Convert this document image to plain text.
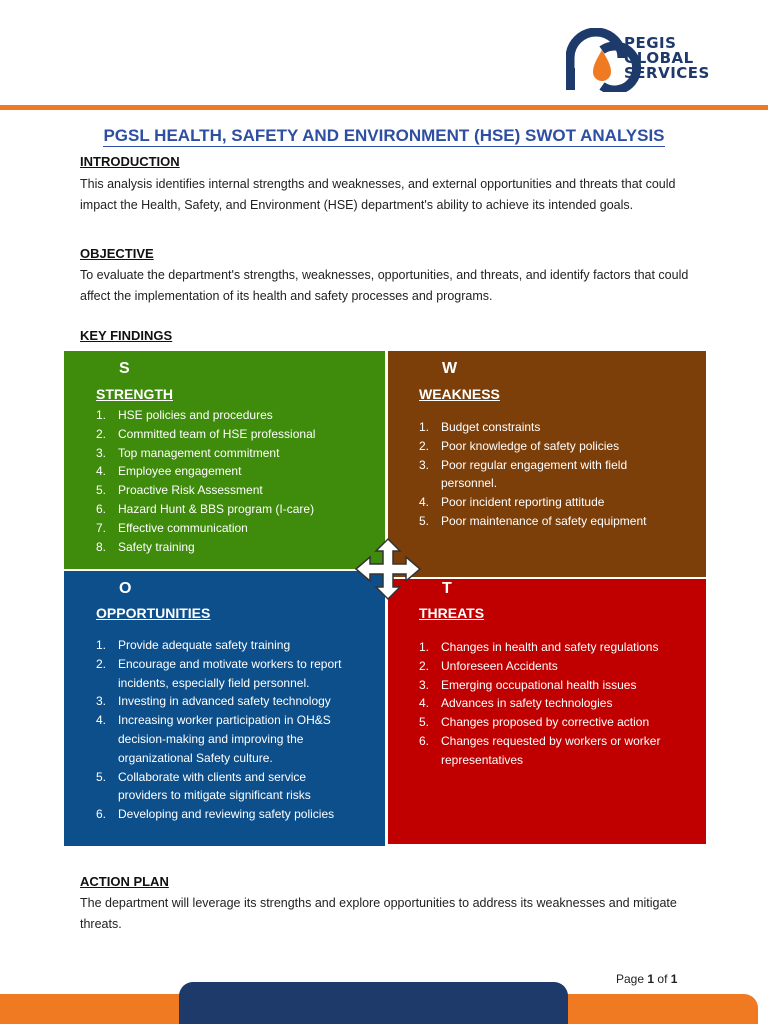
PEGIS
GLOBAL
SERVICES
PGSL HEALTH, SAFETY AND ENVIRONMENT (HSE) SWOT ANALYSIS
INTRODUCTION
This analysis identifies internal strengths and weaknesses, and external opportunities and threats that could impact the Health, Safety, and Environment (HSE) department's ability to achieve its intended goals.
OBJECTIVE
To evaluate the department's strengths, weaknesses, opportunities, and threats, and identify factors that could affect the implementation of its health and safety processes and programs.
KEY FINDINGS
S
STRENGTH
1. HSE policies and procedures
2. Committed team of HSE professional
3. Top management commitment
4. Employee engagement
5. Proactive Risk Assessment
6. Hazard Hunt & BBS program (I-care)
7. Effective communication
8. Safety training
W
WEAKNESS
1. Budget constraints
2. Poor knowledge of safety policies
3. Poor regular engagement with field personnel.
4. Poor incident reporting attitude
5. Poor maintenance of safety equipment
O
OPPORTUNITIES
1. Provide adequate safety training
2. Encourage and motivate workers to report incidents, especially field personnel.
3. Investing in advanced safety technology
4. Increasing worker participation in OH&S decision-making and improving the organizational Safety culture.
5. Collaborate with clients and service providers to mitigate significant risks
6. Developing and reviewing safety policies
T
THREATS
1. Changes in health and safety regulations
2. Unforeseen Accidents
3. Emerging occupational health issues
4. Advances in safety technologies
5. Changes proposed by corrective action
6. Changes requested by workers or worker representatives
ACTION PLAN
The department will leverage its strengths and explore opportunities to address its weaknesses and mitigate threats.
Page 1 of 1
